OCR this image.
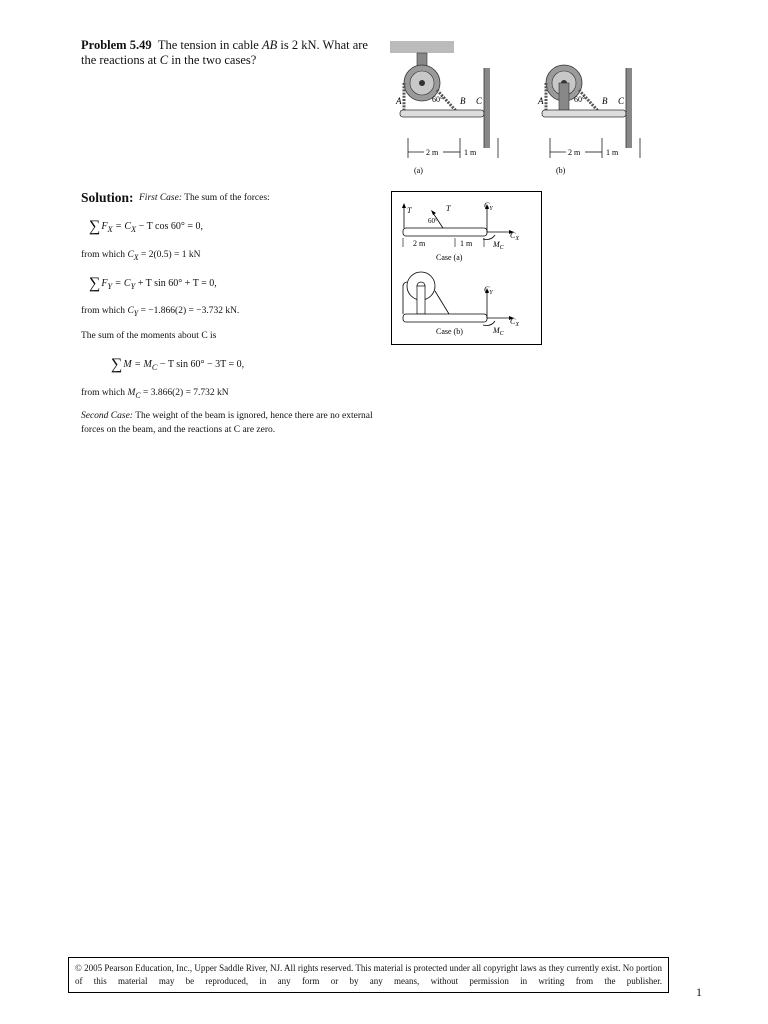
Problem 5.49 The tension in cable AB is 2 kN. What are the reactions at C in the two cases?
A	60° B C
2 m	1 m
(a)
A	60° B C
2 m	1 m
(b)
Solution: First Case: The sum of the forces:
$\sum F_X = C_X - T$ cos 60° = 0,
from which $C_X = 2(0.5) = 1$ kN
$\sum F_Y = C_Y + T$ sin 60° + T = 0,
from which $C_Y = -1.866(2) = -3.732$ kN.
The sum of the moments about C is
$\sum M = M_C - T$ sin 60° − 3T = 0,
from which $M_C = 3.866(2) = 7.732$ kN
Second Case: The weight of the beam is ignored, hence there are no external forces on the beam, and the reactions at C are zero.
T	T
60°
$C_Y$
$C_X$
$M_C$
2 m	1 m
Case (a)
$C_Y$
$C_X$
$M_C$
Case (b)
© 2005 Pearson Education, Inc., Upper Saddle River, NJ. All rights reserved. This material is protected under all copyright laws as they currently exist. No portion of this material may be reproduced, in any form or by any means, without permission in writing from the publisher.
1
